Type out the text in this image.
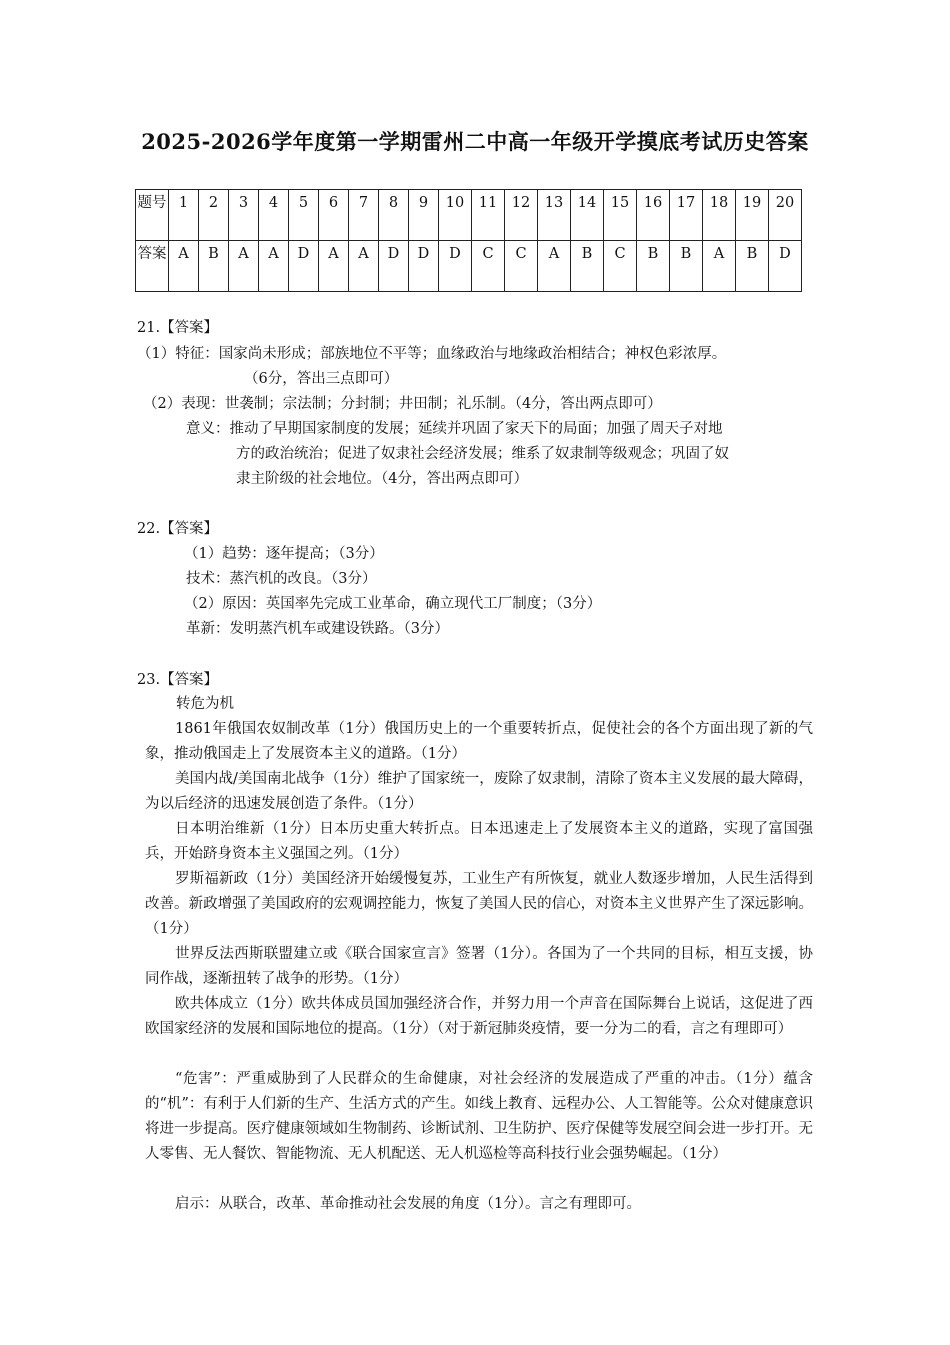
2025-2026学年度第一学期雷州二中高一年级开学摸底考试历史答案
题号	1	2	3	4	5	6	7	8	9	10	11	12	13	14	15	16	17	18	19	20
答案	A	B	A	A	D	A	A	D	D	D	C	C	A	B	C	B	B	A	B	D
21.【答案】
（1）特征：国家尚未形成；部族地位不平等；血缘政治与地缘政治相结合；神权色彩浓厚。
（6分，答出三点即可）
（2）表现：世袭制；宗法制；分封制；井田制；礼乐制。（4分，答出两点即可）
意义：推动了早期国家制度的发展；延续并巩固了家天下的局面；加强了周天子对地
方的政治统治；促进了奴隶社会经济发展；维系了奴隶制等级观念；巩固了奴
隶主阶级的社会地位。（4分，答出两点即可）
22.【答案】
（1）趋势：逐年提高；（3分）
技术：蒸汽机的改良。（3分）
（2）原因：英国率先完成工业革命，确立现代工厂制度；（3分）
革新：发明蒸汽机车或建设铁路。（3分）
23.【答案】
转危为机
1861年俄国农奴制改革（1分）俄国历史上的一个重要转折点，促使社会的各个方面出现了新的气象，推动俄国走上了发展资本主义的道路。（1分）
美国内战/美国南北战争（1分）维护了国家统一，废除了奴隶制，清除了资本主义发展的最大障碍，为以后经济的迅速发展创造了条件。（1分）
日本明治维新（1分）日本历史重大转折点。日本迅速走上了发展资本主义的道路，实现了富国强兵，开始跻身资本主义强国之列。（1分）
罗斯福新政（1分）美国经济开始缓慢复苏，工业生产有所恢复，就业人数逐步增加，人民生活得到改善。新政增强了美国政府的宏观调控能力，恢复了美国人民的信心，对资本主义世界产生了深远影响。（1分）
世界反法西斯联盟建立或《联合国家宣言》签署（1分）。各国为了一个共同的目标，相互支援，协同作战，逐渐扭转了战争的形势。（1分）
欧共体成立（1分）欧共体成员国加强经济合作，并努力用一个声音在国际舞台上说话，这促进了西欧国家经济的发展和国际地位的提高。（1分）（对于新冠肺炎疫情，要一分为二的看，言之有理即可）
“危害”：严重威胁到了人民群众的生命健康，对社会经济的发展造成了严重的冲击。（1分）蕴含的“机”：有利于人们新的生产、生活方式的产生。如线上教育、远程办公、人工智能等。公众对健康意识将进一步提高。医疗健康领域如生物制药、诊断试剂、卫生防护、医疗保健等发展空间会进一步打开。无人零售、无人餐饮、智能物流、无人机配送、无人机巡检等高科技行业会强势崛起。（1分）
启示：从联合，改革、革命推动社会发展的角度（1分）。言之有理即可。
